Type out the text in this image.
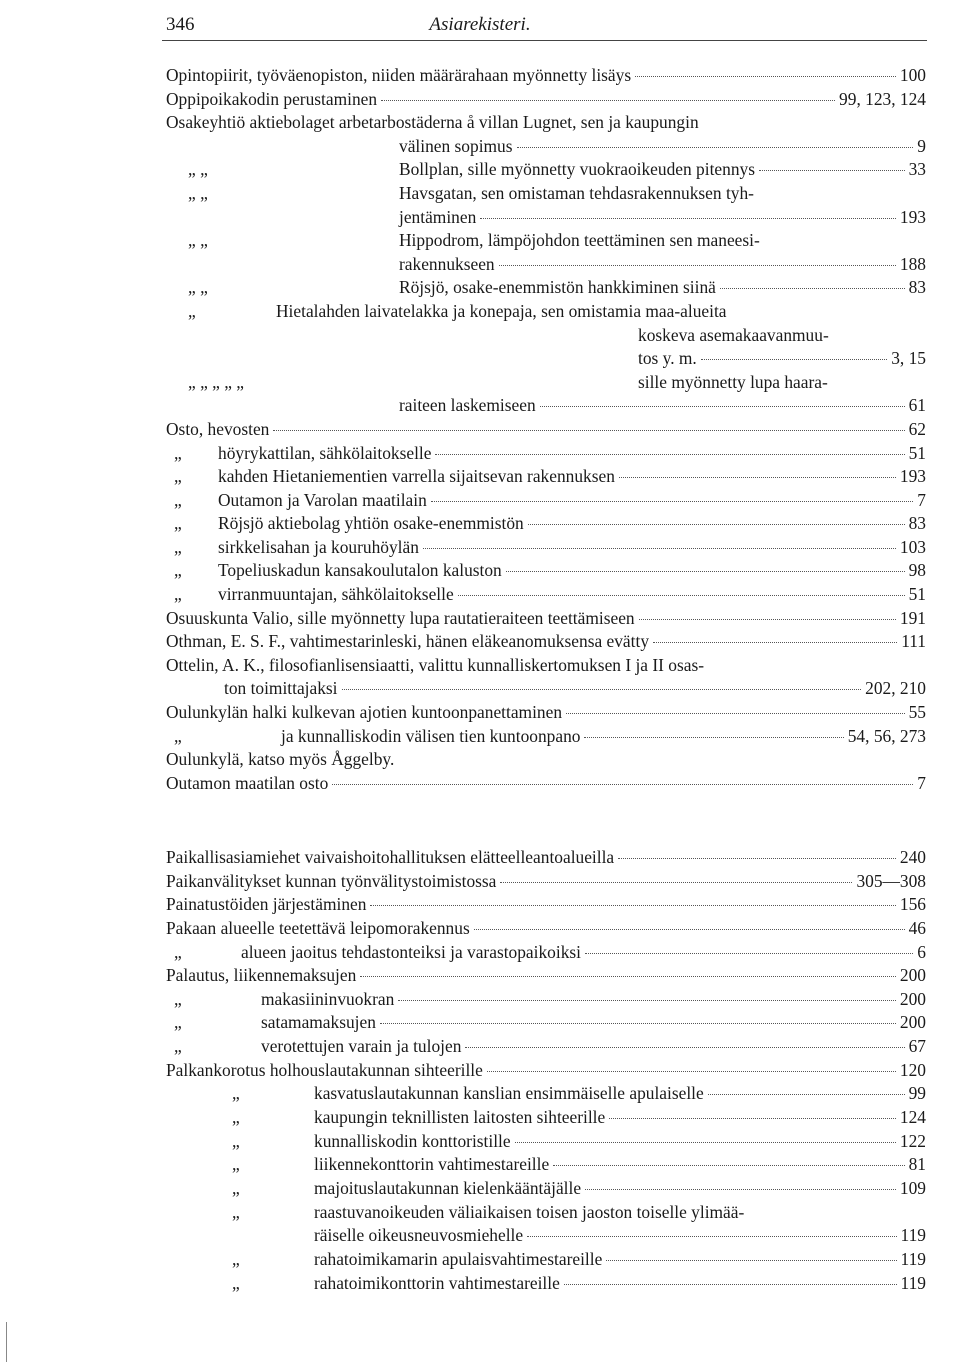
346	Asiarekisteri.
Opintopiirit, työväenopiston, niiden määrärahaan myönnetty lisäys	100
Oppipoikakodin perustaminen	99, 123, 124
Osakeyhtiö aktiebolaget arbetarbostäderna å villan Lugnet, sen ja kaupungin
välinen sopimus	9
„ „	Bollplan, sille myönnetty vuokraoikeuden pitennys	33
„ „	Havsgatan, sen omistaman tehdasrakennuksen tyh-
jentäminen	193
„ „	Hippodrom, lämpöjohdon teettäminen sen maneesi-
rakennukseen	188
„ „	Röjsjö, osake-enemmistön hankkiminen siinä	83
„	Hietalahden laivatelakka ja konepaja, sen omistamia maa-alueita
koskeva asemakaavanmuu-
tos y. m.	3, 15
„ „ „ „ „	sille myönnetty lupa haara-
raiteen laskemiseen	61
Osto, hevosten	62
„ höyrykattilan, sähkölaitokselle	51
„ kahden Hietaniementien varrella sijaitsevan rakennuksen	193
„ Outamon ja Varolan maatilain	7
„ Röjsjö aktiebolag yhtiön osake-enemmistön	83
„ sirkkelisahan ja kouruhöylän	103
„ Topeliuskadun kansakoulutalon kaluston	98
„ virranmuuntajan, sähkölaitokselle	51
Osuuskunta Valio, sille myönnetty lupa rautatieraiteen teettämiseen	191
Othman, E. S. F., vahtimestarinleski, hänen eläkeanomuksensa evätty	111
Ottelin, A. K., filosofianlisensiaatti, valittu kunnalliskertomuksen I ja II osas-
ton toimittajaksi	202, 210
Oulunkylän halki kulkevan ajotien kuntoonpanettaminen	55
„	ja kunnalliskodin välisen tien kuntoonpano	54, 56, 273
Oulunkylä, katso myös Åggelby.
Outamon maatilan osto	7
Paikallisasiamiehet vaivaishoitohallituksen elätteelleantoalueilla	240
Paikanvälitykset kunnan työnvälitystoimistossa	305—308
Painatustöiden järjestäminen	156
Pakaan alueelle teetettävä leipomorakennus	46
„	alueen jaoitus tehdastonteiksi ja varastopaikoiksi	6
Palautus, liikennemaksujen	200
„	makasiininvuokran	200
„	satamamaksujen	200
„	verotettujen varain ja tulojen	67
Palkankorotus holhouslautakunnan sihteerille	120
„	kasvatuslautakunnan kanslian ensimmäiselle apulaiselle	99
„	kaupungin teknillisten laitosten sihteerille	124
„	kunnalliskodin konttoristille	122
„	liikennekonttorin vahtimestareille	81
„	majoituslautakunnan kielenkääntäjälle	109
„	raastuvanoikeuden väliaikaisen toisen jaoston toiselle ylimää-
räiselle oikeusneuvosmiehelle	119
„	rahatoimikamarin apulaisvahtimestareille	119
„	rahatoimikonttorin vahtimestareille	119
